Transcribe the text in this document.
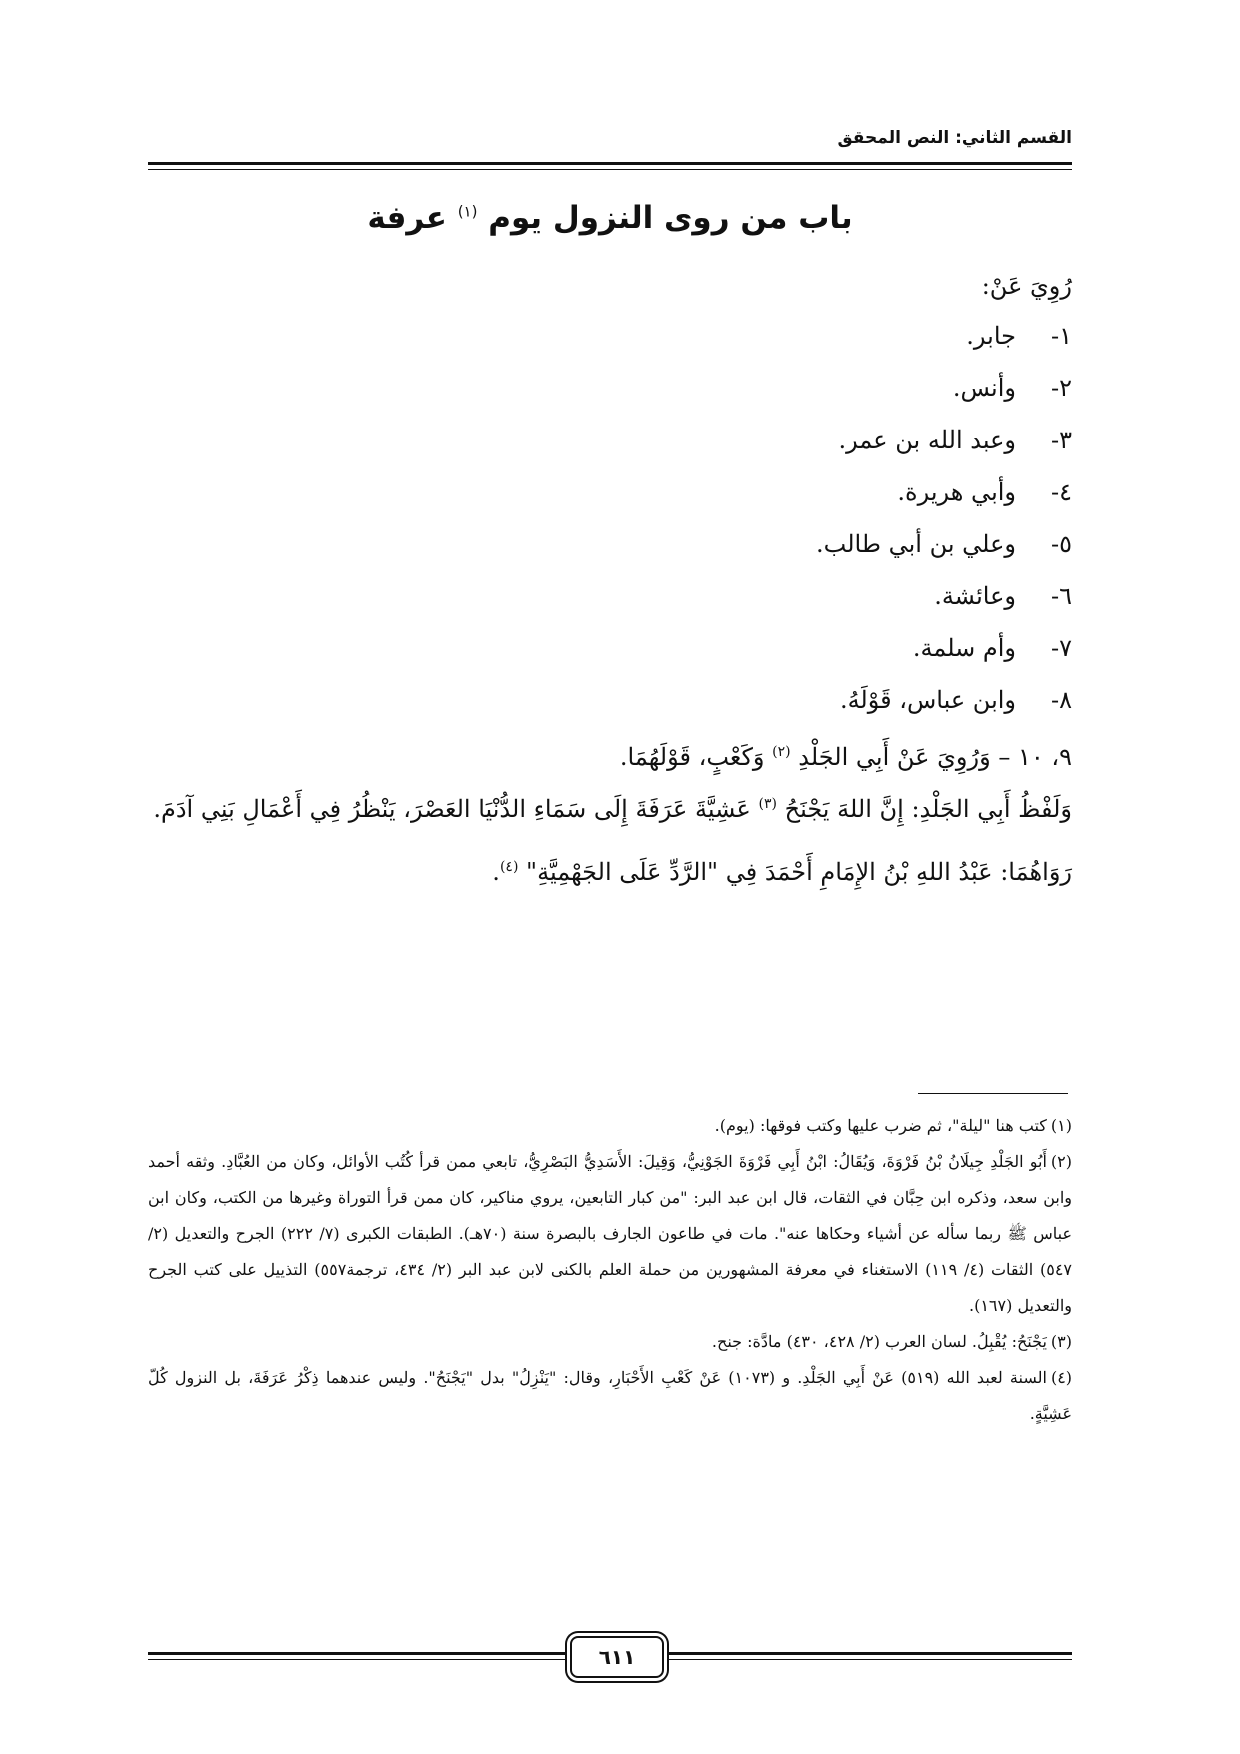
القسم الثاني: النص المحقق
باب من روى النزول يوم $^{(١)}$ عرفة
رُوِيَ عَنْ:
١-جابر.
٢-وأنس.
٣-وعبد الله بن عمر.
٤-وأبي هريرة.
٥-وعلي بن أبي طالب.
٦-وعائشة.
٧-وأم سلمة.
٨-وابن عباس، قَوْلَهُ.
٩، ١٠ – وَرُوِيَ عَنْ أَبِي الجَلْدِ $^{(٢)}$ وَكَعْبٍ، قَوْلَهُمَا.

وَلَفْظُ أَبِي الجَلْدِ: إِنَّ اللهَ يَجْنَحُ $^{(٣)}$ عَشِيَّةَ عَرَفَةَ إِلَى سَمَاءِ الدُّنْيَا العَصْرَ، يَنْظُرُ فِي أَعْمَالِ بَنِي آدَمَ.

رَوَاهُمَا: عَبْدُ اللهِ بْنُ الإِمَامِ أَحْمَدَ فِي "الرَّدِّ عَلَى الجَهْمِيَّةِ" $^{(٤)}$.

(١)كتب هنا "ليلة"، ثم ضرب عليها وكتب فوقها: (يوم).

(٢)أَبُو الجَلْدِ جِيلَانُ بْنُ فَرْوَةَ، وَيُقَالُ: ابْنُ أَبِي فَرْوَةَ الجَوْنِيُّ، وَقِيلَ: الأَسَدِيُّ البَصْرِيُّ، تابعي ممن قرأ كُتُب الأوائل، وكان من العُبَّادِ. وثقه أحمد وابن سعد، وذكره ابن حِبَّان في الثقات، قال ابن عبد البر: "من كبار التابعين، يروي مناكير، كان ممن قرأ التوراة وغيرها من الكتب، وكان ابن عباس ﷺ ربما سأله عن أشياء وحكاها عنه". مات في طاعون الجارف بالبصرة سنة (٧٠هـ). الطبقات الكبرى (٧/ ٢٢٢) الجرح والتعديل (٢/ ٥٤٧) الثقات (٤/ ١١٩) الاستغناء في معرفة المشهورين من حملة العلم بالكنى لابن عبد البر (٢/ ٤٣٤، ترجمة٥٥٧) التذييل على كتب الجرح والتعديل (١٦٧).

(٣)يَجْنَحُ: يُقْبِلُ. لسان العرب (٢/ ٤٢٨، ٤٣٠) مادَّة: جنح.

(٤)السنة لعبد الله (٥١٩) عَنْ أَبِي الجَلْدِ. و (١٠٧٣) عَنْ كَعْبِ الأَحْبَارِ، وقال: "يَنْزِلُ" بدل "يَجْنَحُ". وليس عندهما ذِكْرُ عَرَفَةَ، بل النزول كُلّ عَشِيَّةٍ.

٦١١
